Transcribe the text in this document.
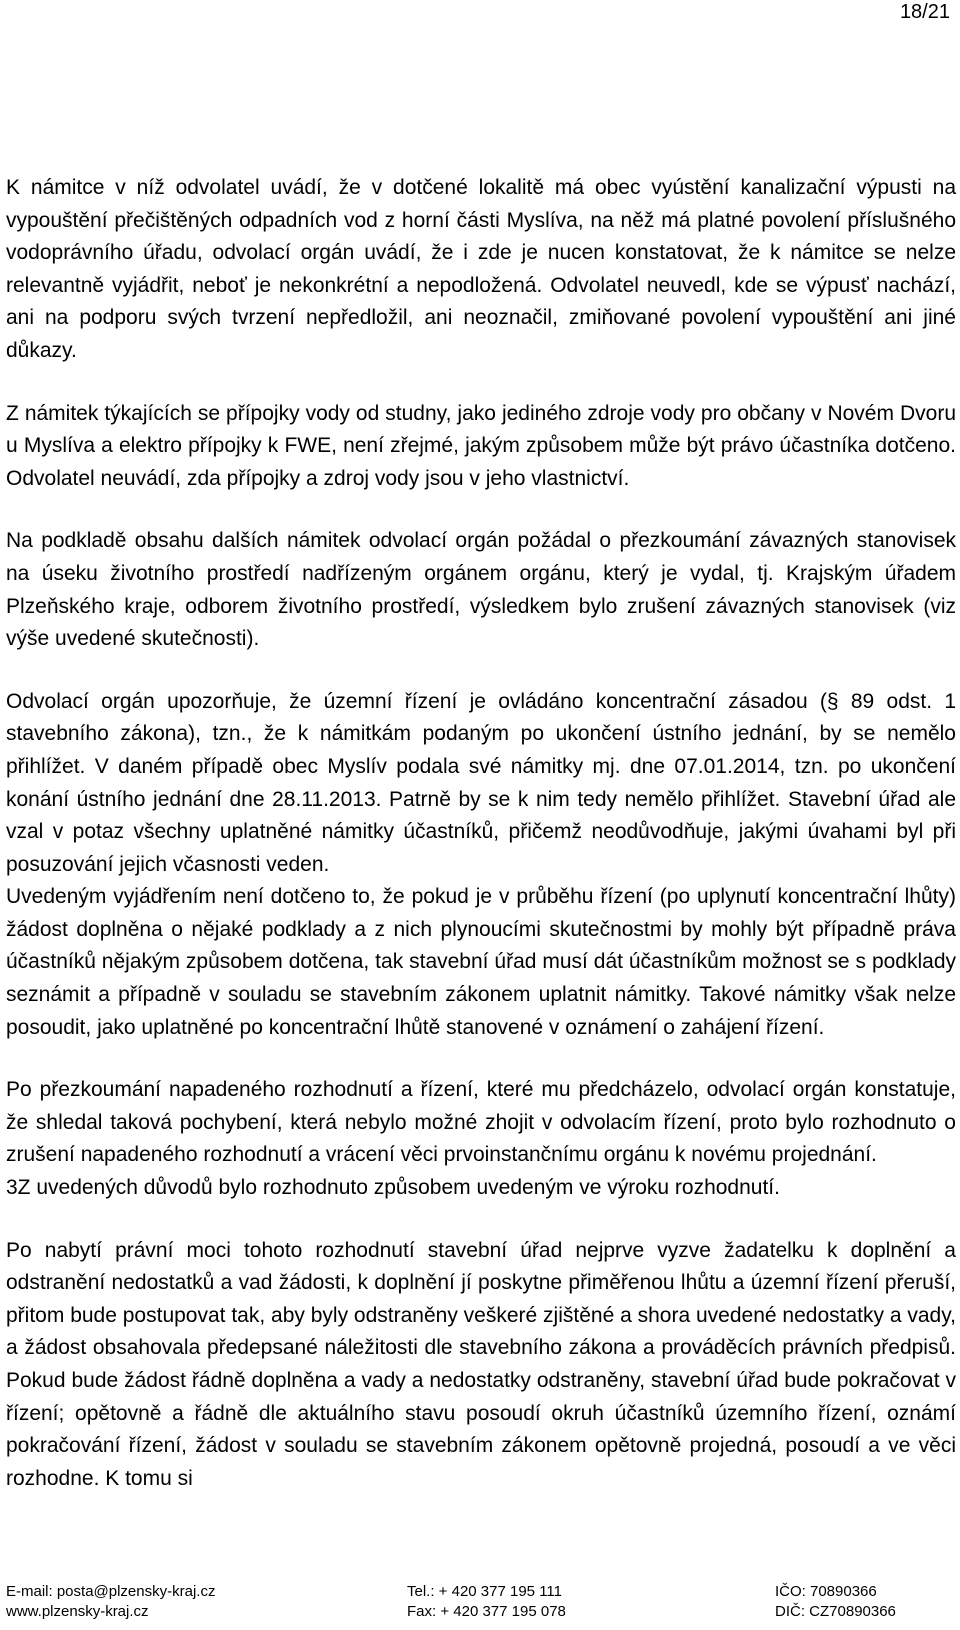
18/21

K námitce v níž odvolatel uvádí, že v dotčené lokalitě má obec vyústění kanalizační výpusti na vypouštění přečištěných odpadních vod z horní části Myslíva, na něž má platné povolení příslušného vodoprávního úřadu, odvolací orgán uvádí, že i zde je nucen konstatovat, že k námitce se nelze relevantně vyjádřit, neboť je nekonkrétní a nepodložená. Odvolatel neuvedl, kde se výpusť nachází, ani na podporu svých tvrzení nepředložil, ani neoznačil, zmiňované povolení vypouštění ani jiné důkazy.

Z námitek týkajících se přípojky vody od studny, jako jediného zdroje vody pro občany v Novém Dvoru u Myslíva a elektro přípojky k FWE, není zřejmé, jakým způsobem může být právo účastníka dotčeno. Odvolatel neuvádí, zda přípojky a zdroj vody jsou v jeho vlastnictví.

Na podkladě obsahu dalších námitek odvolací orgán požádal o přezkoumání závazných stanovisek na úseku životního prostředí nadřízeným orgánem orgánu, který je vydal, tj. Krajským úřadem Plzeňského kraje, odborem životního prostředí, výsledkem bylo zrušení závazných stanovisek (viz výše uvedené skutečnosti).

Odvolací orgán upozorňuje, že územní řízení je ovládáno koncentrační zásadou (§ 89 odst. 1 stavebního zákona), tzn., že k námitkám podaným po ukončení ústního jednání, by se nemělo přihlížet. V daném případě obec Myslív podala své námitky mj. dne 07.01.2014, tzn. po ukončení konání ústního jednání dne 28.11.2013. Patrně by se k nim tedy nemělo přihlížet. Stavební úřad ale vzal v potaz všechny uplatněné námitky účastníků, přičemž neodůvodňuje, jakými úvahami byl při posuzování jejich včasnosti veden.

Uvedeným vyjádřením není dotčeno to, že pokud je v průběhu řízení (po uplynutí koncentrační lhůty) žádost doplněna o nějaké podklady a z nich plynoucími skutečnostmi by mohly být případně práva účastníků nějakým způsobem dotčena, tak stavební úřad musí dát účastníkům možnost se s podklady seznámit a případně v souladu se stavebním zákonem uplatnit námitky. Takové námitky však nelze posoudit, jako uplatněné po koncentrační lhůtě stanovené v oznámení o zahájení řízení.

Po přezkoumání napadeného rozhodnutí a řízení, které mu předcházelo, odvolací orgán konstatuje, že shledal taková pochybení, která nebylo možné zhojit v odvolacím řízení, proto bylo rozhodnuto o zrušení napadeného rozhodnutí a vrácení věci prvoinstančnímu orgánu k novému projednání.

3Z uvedených důvodů bylo rozhodnuto způsobem uvedeným ve výroku rozhodnutí.

Po nabytí právní moci tohoto rozhodnutí stavební úřad nejprve vyzve žadatelku k doplnění a odstranění nedostatků a vad žádosti, k doplnění jí poskytne přiměřenou lhůtu a územní řízení přeruší, přitom bude postupovat tak, aby byly odstraněny veškeré zjištěné a shora uvedené nedostatky a vady, a žádost obsahovala předepsané náležitosti dle stavebního zákona a prováděcích právních předpisů. Pokud bude žádost řádně doplněna a vady a nedostatky odstraněny, stavební úřad bude pokračovat v řízení; opětovně a řádně dle aktuálního stavu posoudí okruh účastníků územního řízení, oznámí pokračování řízení, žádost v souladu se stavebním zákonem opětovně projedná, posoudí a ve věci rozhodne. K tomu si

E-mail: posta@plzensky-kraj.cz
www.plzensky-kraj.cz
Tel.: + 420 377 195 111
Fax: + 420 377 195 078
IČO: 70890366
DIČ: CZ70890366
